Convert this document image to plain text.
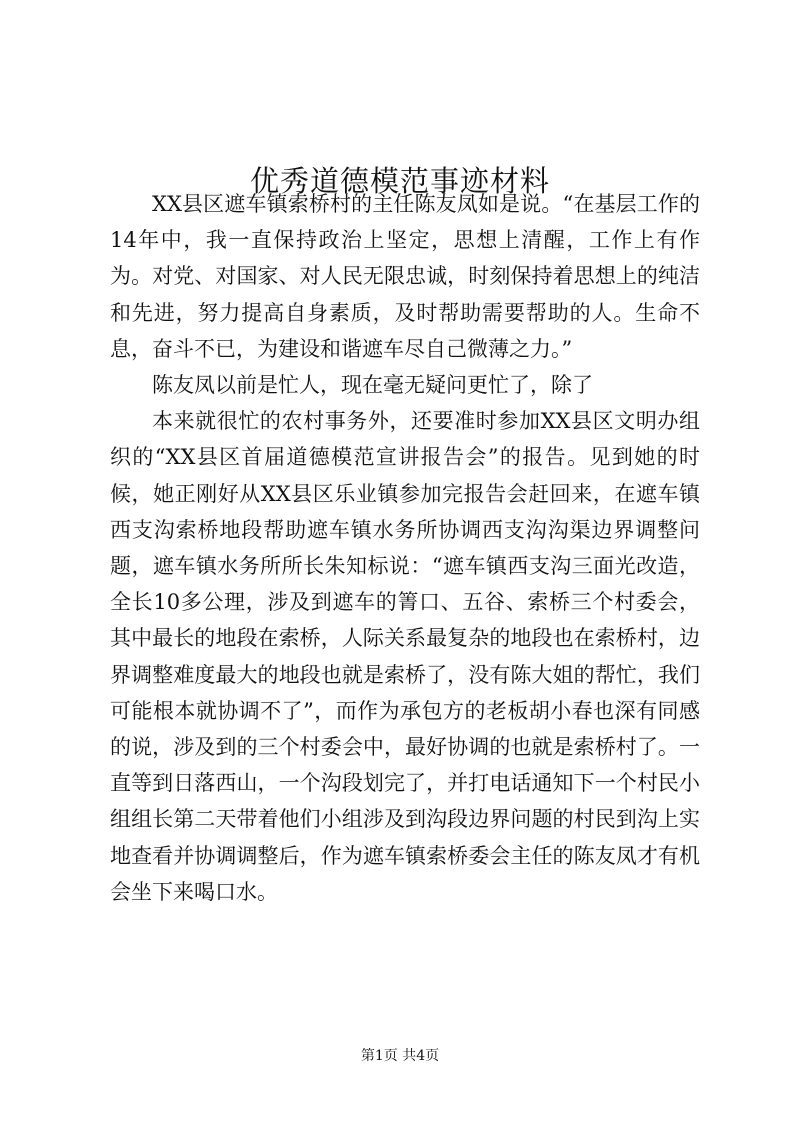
优秀道德模范事迹材料

XX县区遮车镇索桥村的主任陈友凤如是说。“在基层工作的14年中，我一直保持政治上坚定，思想上清醒，工作上有作为。对党、对国家、对人民无限忠诚，时刻保持着思想上的纯洁和先进，努力提高自身素质，及时帮助需要帮助的人。生命不息，奋斗不已，为建设和谐遮车尽自己微薄之力。”

陈友凤以前是忙人，现在毫无疑问更忙了，除了

本来就很忙的农村事务外，还要准时参加XX县区文明办组织的“XX县区首届道德模范宣讲报告会”的报告。见到她的时候，她正刚好从XX县区乐业镇参加完报告会赶回来，在遮车镇西支沟索桥地段帮助遮车镇水务所协调西支沟沟渠边界调整问题，遮车镇水务所所长朱知标说：“遮车镇西支沟三面光改造，全长10多公理，涉及到遮车的箐口、五谷、索桥三个村委会，其中最长的地段在索桥，人际关系最复杂的地段也在索桥村，边界调整难度最大的地段也就是索桥了，没有陈大姐的帮忙，我们可能根本就协调不了”，而作为承包方的老板胡小春也深有同感的说，涉及到的三个村委会中，最好协调的也就是索桥村了。一直等到日落西山，一个沟段划完了，并打电话通知下一个村民小组组长第二天带着他们小组涉及到沟段边界问题的村民到沟上实地查看并协调调整后，作为遮车镇索桥委会主任的陈友凤才有机会坐下来喝口水。

第1页 共4页
